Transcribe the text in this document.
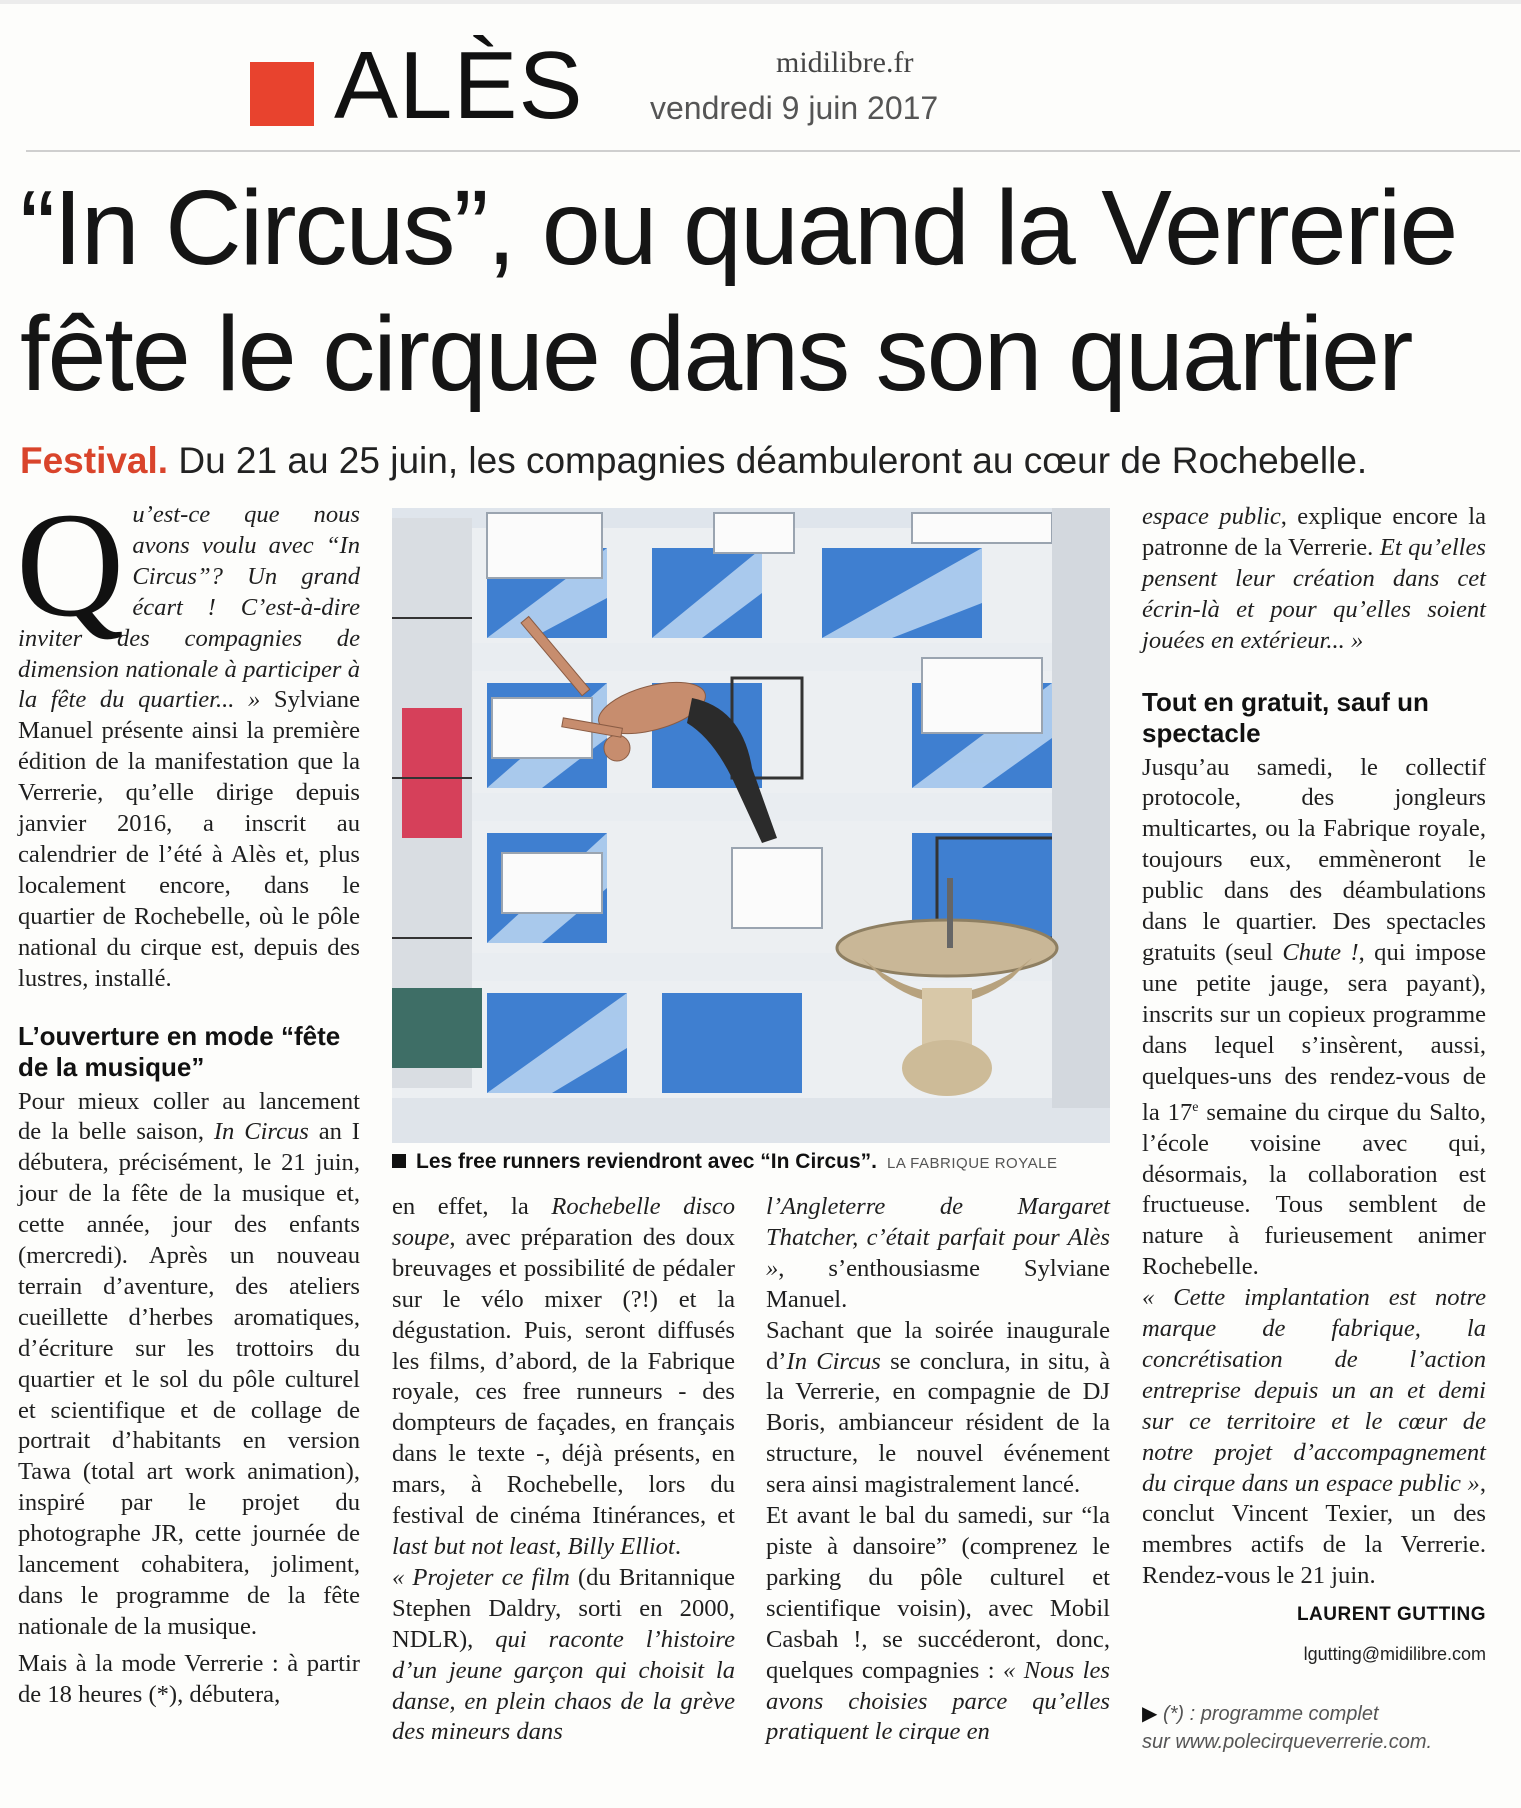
ALÈS	midilibre.fr
vendredi 9 juin 2017
“In Circus”, ou quand la Verrerie fête le cirque dans son quartier
Festival. Du 21 au 25 juin, les compagnies déambuleront au cœur de Rochebelle.

Qu’est-ce que nous avons voulu avec “In Circus”? Un grand écart ! C’est-à-dire inviter des compagnies de dimension nationale à participer à la fête du quartier... » Sylviane Manuel présente ainsi la première édition de la manifestation que la Verrerie, qu’elle dirige depuis janvier 2016, a inscrit au calendrier de l’été à Alès et, plus localement encore, dans le quartier de Rochebelle, où le pôle national du cirque est, depuis des lustres, installé.

L’ouverture en mode “fête de la musique”

Pour mieux coller au lancement de la belle saison, In Circus an I débutera, précisément, le 21 juin, jour de la fête de la musique et, cette année, jour des enfants (mercredi). Après un nouveau terrain d’aventure, des ateliers cueillette d’herbes aromatiques, d’écriture sur les trottoirs du quartier et le sol du pôle culturel et scientifique et de collage de portrait d’habitants en version Tawa (total art work animation), inspiré par le projet du photographe JR, cette journée de lancement cohabitera, joliment, dans le programme de la fête nationale de la musique.

Mais à la mode Verrerie : à partir de 18 heures (*), débutera,

Les free runners reviendront avec “In Circus”. LA FABRIQUE ROYALE

en effet, la Rochebelle disco soupe, avec préparation des doux breuvages et possibilité de pédaler sur le vélo mixer (?!) et la dégustation. Puis, seront diffusés les films, d’abord, de la Fabrique royale, ces free runneurs - des dompteurs de façades, en français dans le texte -, déjà présents, en mars, à Rochebelle, lors du festival de cinéma Itinérances, et last but not least, Billy Elliot.

« Projeter ce film (du Britannique Stephen Daldry, sorti en 2000, NDLR), qui raconte l’histoire d’un jeune garçon qui choisit la danse, en plein chaos de la grève des mineurs dans

l’Angleterre de Margaret Thatcher, c’était parfait pour Alès », s’enthousiasme Sylviane Manuel.

Sachant que la soirée inaugurale d’In Circus se conclura, in situ, à la Verrerie, en compagnie de DJ Boris, ambianceur résident de la structure, le nouvel événement sera ainsi magistralement lancé.

Et avant le bal du samedi, sur “la piste à dansoire” (comprenez le parking du pôle culturel et scientifique voisin), avec Mobil Casbah !, se succéderont, donc, quelques compagnies : « Nous les avons choisies parce qu’elles pratiquent le cirque en

espace public, explique encore la patronne de la Verrerie. Et qu’elles pensent leur création dans cet écrin-là et pour qu’elles soient jouées en extérieur... »

Tout en gratuit, sauf un spectacle

Jusqu’au samedi, le collectif protocole, des jongleurs multicartes, ou la Fabrique royale, toujours eux, emmèneront le public dans des déambulations dans le quartier. Des spectacles gratuits (seul Chute !, qui impose une petite jauge, sera payant), inscrits sur un copieux programme dans lequel s’insèrent, aussi, quelques-uns des rendez-vous de la 17e semaine du cirque du Salto, l’école voisine avec qui, désormais, la collaboration est fructueuse. Tous semblent de nature à furieusement animer Rochebelle.

« Cette implantation est notre marque de fabrique, la concrétisation de l’action entreprise depuis un an et demi sur ce territoire et le cœur de notre projet d’accompagnement du cirque dans un espace public », conclut Vincent Texier, un des membres actifs de la Verrerie. Rendez-vous le 21 juin.

LAURENT GUTTING
lgutting@midilibre.com
▶ (*) : programme complet
sur www.polecirqueverrerie.com.
